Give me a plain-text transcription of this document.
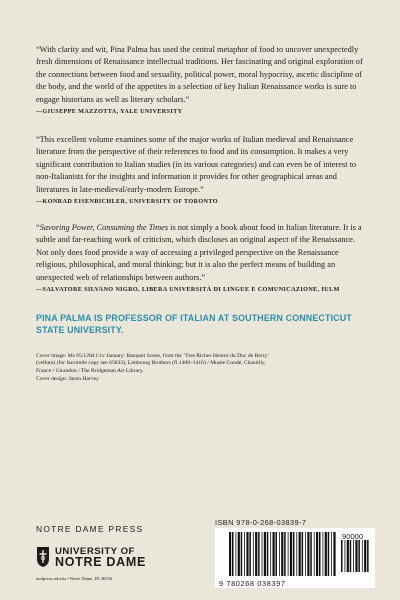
“With clarity and wit, Pina Palma has used the central metaphor of food to uncover unexpectedly fresh dimensions of Renaissance intellectual traditions. Her fascinating and original exploration of the connections between food and sexuality, political power, moral hypocrisy, ascetic discipline of the body, and the world of the appetites in a selection of key Italian Renaissance works is sure to engage historians as well as literary scholars.”

—GIUSEPPE MAZZOTTA, YALE UNIVERSITY

“This excellent volume examines some of the major works of Italian medieval and Renaissance literature from the perspective of their references to food and its consumption. It makes a very significant contribution to Italian studies (in its various categories) and can even be of interest to non-Italianists for the insights and information it provides for other geographical areas and literatures in late-medieval/early-modern Europe.”

—KONRAD EISENBICHLER, UNIVERSITY OF TORONTO

“Savoring Power, Consuming the Times is not simply a book about food in Italian literature. It is a subtle and far-reaching work of criticism, which discloses an original aspect of the Renaissance. Not only does food provide a way of accessing a privileged perspective on the Renaissance religious, philosophical, and moral thinking; but it is also the perfect means of building an unexpected web of relationships between authors.”

—SALVATORE SILVANO NIGRO, LIBERA UNIVERSITÀ DI LINGUE E COMUNICAZIONE, IULM

PINA PALMA IS PROFESSOR OF ITALIAN AT SOUTHERN CONNECTICUT STATE UNIVERSITY.

Cover image: Ms 65/1284 f.1v January: Banquet Scene, from the ‘Tres Riches Heures du Duc de Berry’
(vellum) (for facsimile copy see 65833), Limbourg Brothers (fl.1400–1416) / Musée Condé, Chantilly,
France / Giraudon / The Bridgeman Art Library.
Cover design: Jason Harvey

NOTRE DAME PRESS
UNIVERSITY OF
NOTRE DAME
undpress.nd.edu • Notre Dame, IN 46556
ISBN 978-0-268-03839-7
90000
9 780268 038397
